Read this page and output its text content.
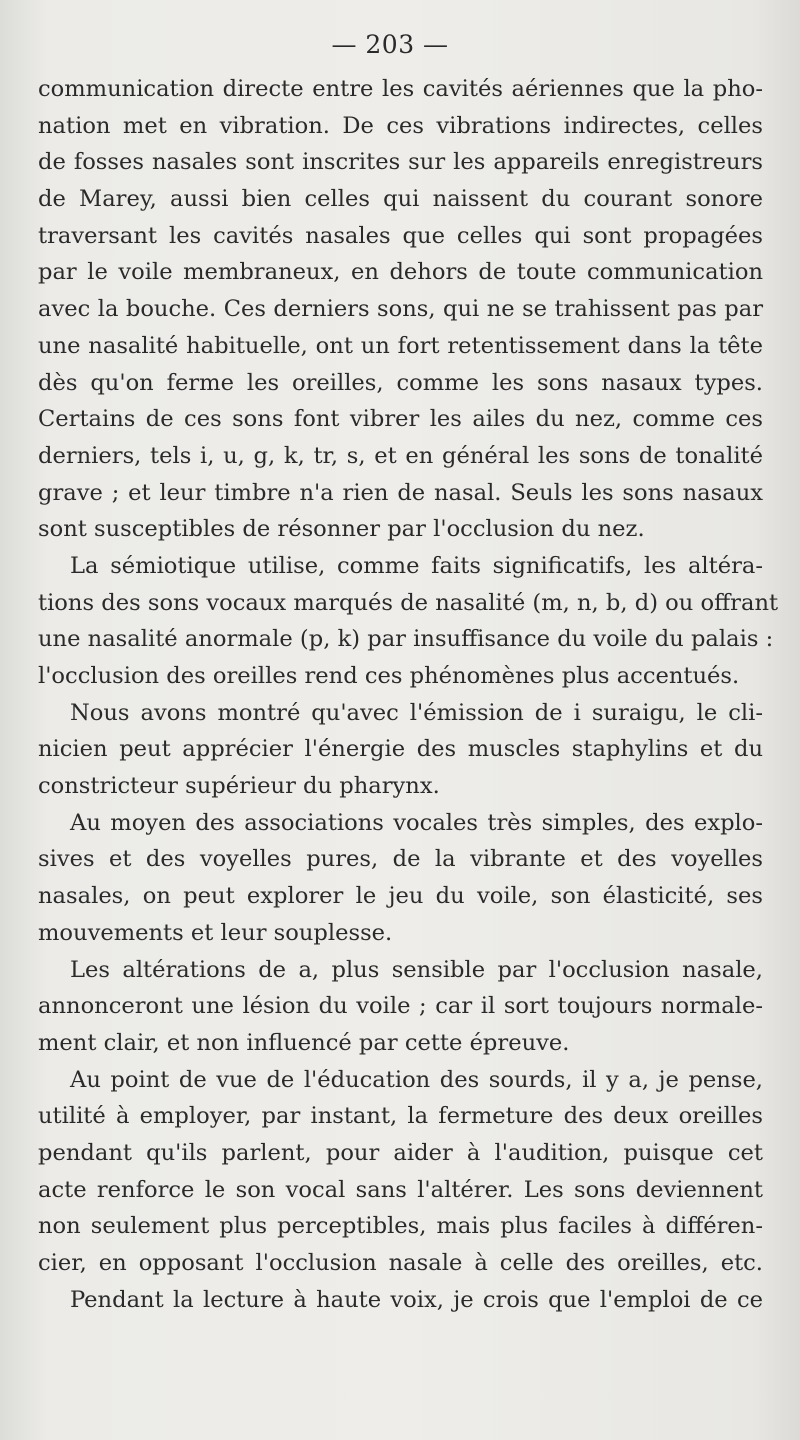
— 203 —
communication directe entre les cavités aériennes que la pho-
nation met en vibration. De ces vibrations indirectes, celles
de fosses nasales sont inscrites sur les appareils enregistreurs
de Marey, aussi bien celles qui naissent du courant sonore
traversant les cavités nasales que celles qui sont propagées
par le voile membraneux, en dehors de toute communication
avec la bouche. Ces derniers sons, qui ne se trahissent pas par
une nasalité habituelle, ont un fort retentissement dans la tête
dès qu'on ferme les oreilles, comme les sons nasaux types.
Certains de ces sons font vibrer les ailes du nez, comme ces
derniers, tels i, u, g, k, tr, s, et en général les sons de tonalité
grave ; et leur timbre n'a rien de nasal. Seuls les sons nasaux
sont susceptibles de résonner par l'occlusion du nez.
La sémiotique utilise, comme faits significatifs, les altéra-
tions des sons vocaux marqués de nasalité (m, n, b, d) ou offrant
une nasalité anormale (p, k) par insuffisance du voile du palais :
l'occlusion des oreilles rend ces phénomènes plus accentués.
Nous avons montré qu'avec l'émission de i suraigu, le cli-
nicien peut apprécier l'énergie des muscles staphylins et du
constricteur supérieur du pharynx.
Au moyen des associations vocales très simples, des explo-
sives et des voyelles pures, de la vibrante et des voyelles
nasales, on peut explorer le jeu du voile, son élasticité, ses
mouvements et leur souplesse.
Les altérations de a, plus sensible par l'occlusion nasale,
annonceront une lésion du voile ; car il sort toujours normale-
ment clair, et non influencé par cette épreuve.
Au point de vue de l'éducation des sourds, il y a, je pense,
utilité à employer, par instant, la fermeture des deux oreilles
pendant qu'ils parlent, pour aider à l'audition, puisque cet
acte renforce le son vocal sans l'altérer. Les sons deviennent
non seulement plus perceptibles, mais plus faciles à différen-
cier, en opposant l'occlusion nasale à celle des oreilles, etc.
Pendant la lecture à haute voix, je crois que l'emploi de ce
